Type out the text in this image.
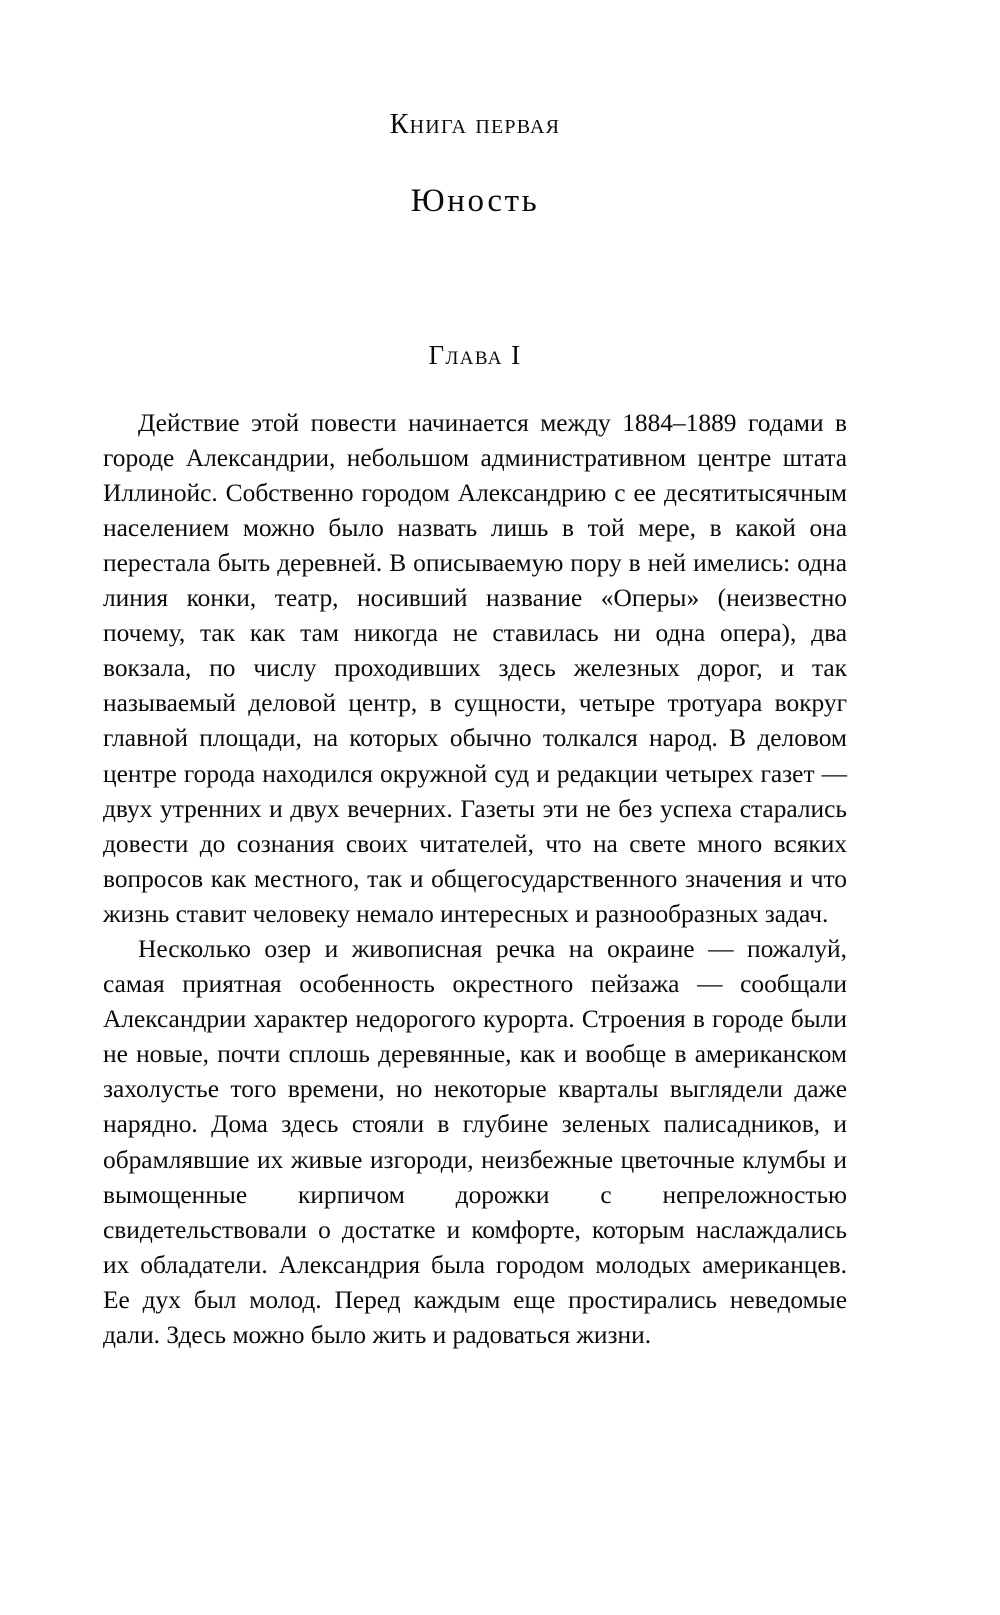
Книга первая
Юность
Глава I

Действие этой повести начинается между 1884–1889 годами в городе Александрии, небольшом административном центре штата Иллинойс. Собственно городом Александрию с ее десятитысячным населением можно было назвать лишь в той мере, в какой она перестала быть деревней. В описываемую пору в ней имелись: одна линия конки, театр, носивший название «Оперы» (неизвестно почему, так как там никогда не ставилась ни одна опера), два вокзала, по числу проходивших здесь железных дорог, и так называемый деловой центр, в сущности, четыре тротуара вокруг главной площади, на которых обычно толкался народ. В деловом центре города находился окружной суд и редакции четырех газет — двух утренних и двух вечерних. Газеты эти не без успеха старались довести до сознания своих читателей, что на свете много всяких вопросов как местного, так и общегосударственного значения и что жизнь ставит человеку немало интересных и разнообразных задач.

Несколько озер и живописная речка на окраине — пожалуй, самая приятная особенность окрестного пейзажа — сообщали Александрии характер недорогого курорта. Строения в городе были не новые, почти сплошь деревянные, как и вообще в американском захолустье того времени, но некоторые кварталы выглядели даже нарядно. Дома здесь стояли в глубине зеленых палисадников, и обрамлявшие их живые изгороди, неизбежные цветочные клумбы и вымощенные кирпичом дорожки с непреложностью свидетельствовали о достатке и комфорте, которым наслаждались их обладатели. Александрия была городом молодых американцев. Ее дух был молод. Перед каждым еще простирались неведомые дали. Здесь можно было жить и радоваться жизни.
